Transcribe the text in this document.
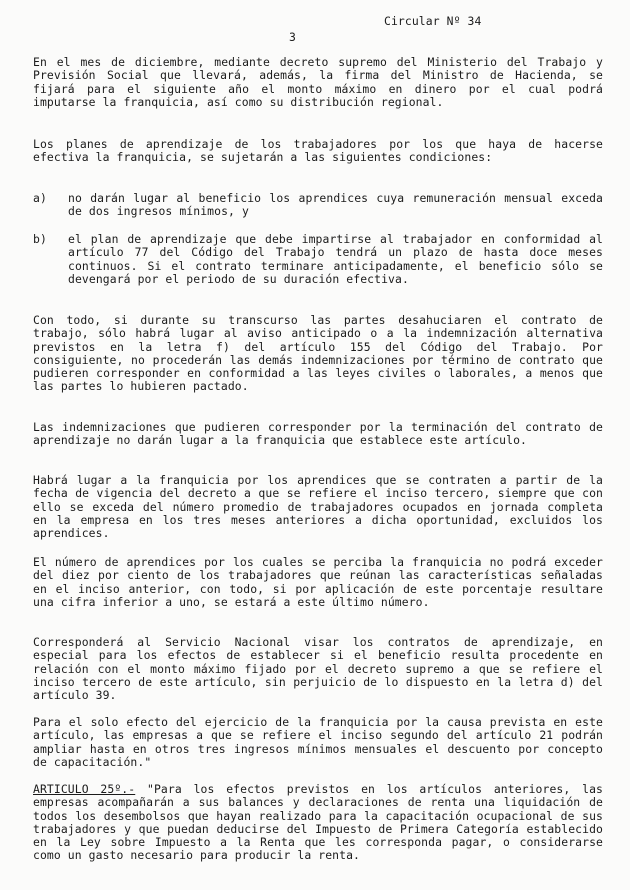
Circular Nº 34
3
En el mes de diciembre, mediante decreto supremo del Ministerio del Trabajo y Previsión Social que llevará, además, la firma del Ministro de Hacienda, se fijará para el siguiente año el monto máximo en dinero por el cual podrá imputarse la franquicia, así como su distribución regional.
Los planes de aprendizaje de los trabajadores por los que haya de hacerse efectiva la franquicia, se sujetarán a las siguientes condiciones:
a) no darán lugar al beneficio los aprendices cuya remuneración mensual exceda de dos ingresos mínimos, y
b) el plan de aprendizaje que debe impartirse al trabajador en conformidad al artículo 77 del Código del Trabajo tendrá un plazo de hasta doce meses continuos. Si el contrato terminare anticipadamente, el beneficio sólo se devengará por el periodo de su duración efectiva.
Con todo, si durante su transcurso las partes desahuciaren el contrato de trabajo, sólo habrá lugar al aviso anticipado o a la indemnización alternativa previstos en la letra f) del artículo 155 del Código del Trabajo. Por consiguiente, no procederán las demás indemnizaciones por término de contrato que pudieren corresponder en conformidad a las leyes civiles o laborales, a menos que las partes lo hubieren pactado.
Las indemnizaciones que pudieren corresponder por la terminación del contrato de aprendizaje no darán lugar a la franquicia que establece este artículo.
Habrá lugar a la franquicia por los aprendices que se contraten a partir de la fecha de vigencia del decreto a que se refiere el inciso tercero, siempre que con ello se exceda del número promedio de trabajadores ocupados en jornada completa en la empresa en los tres meses anteriores a dicha oportunidad, excluidos los aprendices.
El número de aprendices por los cuales se perciba la franquicia no podrá exceder del diez por ciento de los trabajadores que reúnan las características señaladas en el inciso anterior, con todo, si por aplicación de este porcentaje resultare una cifra inferior a uno, se estará a este último número.
Corresponderá al Servicio Nacional visar los contratos de aprendizaje, en especial para los efectos de establecer si el beneficio resulta procedente en relación con el monto máximo fijado por el decreto supremo a que se refiere el inciso tercero de este artículo, sin perjuicio de lo dispuesto en la letra d) del artículo 39.
Para el solo efecto del ejercicio de la franquicia por la causa prevista en este artículo, las empresas a que se refiere el inciso segundo del artículo 21 podrán ampliar hasta en otros tres ingresos mínimos mensuales el descuento por concepto de capacitación."
ARTICULO 25º.- "Para los efectos previstos en los artículos anteriores, las empresas acompañarán a sus balances y declaraciones de renta una liquidación de todos los desembolsos que hayan realizado para la capacitación ocupacional de sus trabajadores y que puedan deducirse del Impuesto de Primera Categoría establecido en la Ley sobre Impuesto a la Renta que les corresponda pagar, o considerarse como un gasto necesario para producir la renta.
